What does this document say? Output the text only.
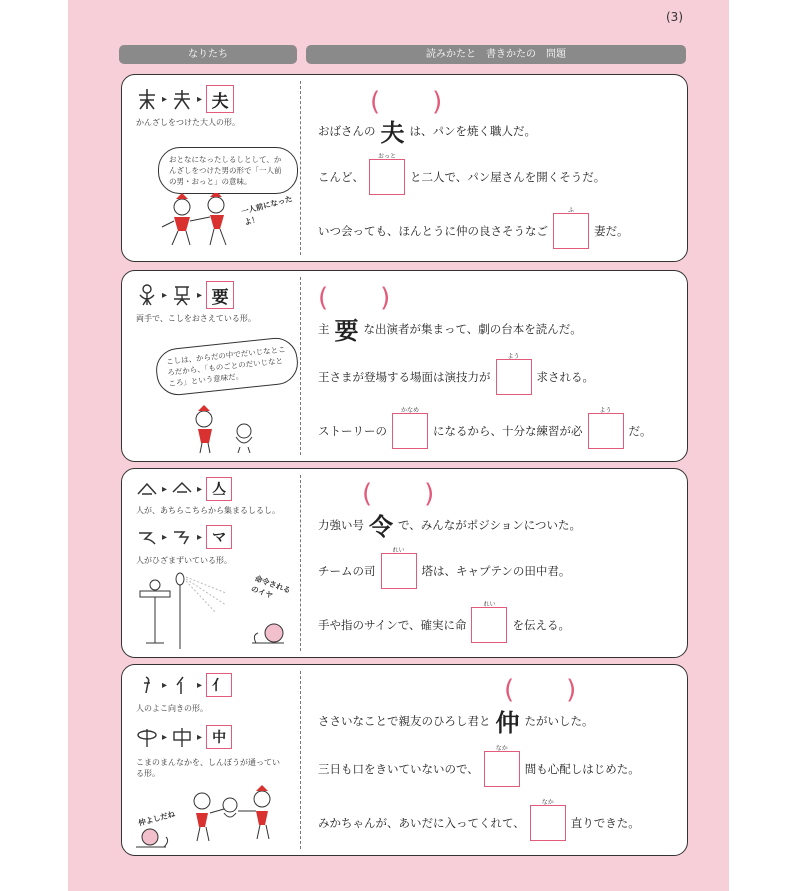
(3)
なりたち	読みかたと　書きかたの　問題
▸	▸ 夫
かんざしをつけた大人の形。
おとなになったしるしとして、かんざしをつけた男の形で「一人前の男・おっと」の意味。
一人前になったよ！
(　　)
おばさんの 夫 は、パンを焼く職人だ。
こんど、
おっと
と二人で、パン屋さんを開くそうだ。
いつ会っても、ほんとうに仲の良さそうなご
ふ
妻だ。
▸	▸ 要
両手で、こしをおさえている形。
こしは、からだの中でだいじなところだから、「ものごとのだいじなところ」という意味だ。
(　　)
主 要 な出演者が集まって、劇の台本を読んだ。
王さまが登場する場面は演技力が
よう
求される。
ストーリーの
かなめ
になるから、十分な練習が必
よう
だ。
▸	▸ 亼
人が、あちらこちらから集まるしるし。
▸	▸ マ
人がひざまずいている形。
命令されるのイヤ
(　　)
力強い号 令 で、みんながポジションについた。
チームの司
れい
塔は、キャプテンの田中君。
手や指のサインで、確実に命
れい
を伝える。
▸	▸ 亻
人のよこ向きの形。
▸	▸ 中
こまのまんなかを、しんぼうが通っている形。
仲よしだね
(　　)
ささいなことで親友のひろし君と 仲 たがいした。
三日も口をきいていないので、
なか
間も心配しはじめた。
みかちゃんが、あいだに入ってくれて、
なか
直りできた。
